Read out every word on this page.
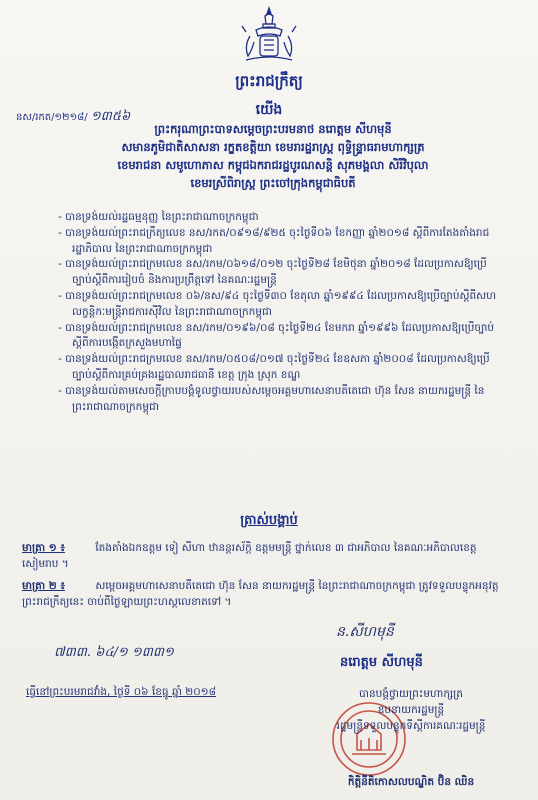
ព្រះរាជក្រឹត្យ
យើង
នស/រកត/១២១៨/ ១៣៥៦
ព្រះករុណាព្រះបាទសម្តេចព្រះបរមនាថ នរោត្តម សីហមុនី
សមានភូមិជាតិសាសនា រក្ខតខត្តិយា ខេមរារដ្ឋរាស្ត្រ ពុទ្ធិន្ទ្រាធរាមហាក្សត្រ
ខេមរាជនា សមូហោភាស កម្ពុជឯករាជរដ្ឋបូរណសន្តិ សុភមង្គលា សិរីវិបុលា
ខេមរស្រីពិរាស្ត្រ ព្រះចៅក្រុងកម្ពុជាធិបតី
- បានទ្រង់យល់រដ្ឋធម្មនុញ្ញ នៃព្រះរាជាណាចក្រកម្ពុជា
- បានទ្រង់យល់ព្រះរាជក្រឹត្យលេខ នស/រកត/០៩១៨/៩២៥ ចុះថ្ងៃទី០៦ ខែកញ្ញា ឆ្នាំ២០១៨ ស្តីពីការតែងតាំងរាជរដ្ឋាភិបាល នៃព្រះរាជាណាចក្រកម្ពុជា
- បានទ្រង់យល់ព្រះរាជក្រមលេខ នស/រកម/០៦១៨/០១២ ចុះថ្ងៃទី២៨ ខែមិថុនា ឆ្នាំ២០១៨ ដែលប្រកាសឱ្យប្រើច្បាប់ស្តីពីការរៀបចំ និងការប្រព្រឹត្តទៅ នៃគណៈរដ្ឋមន្ត្រី
- បានទ្រង់យល់ព្រះរាជក្រមលេខ ០៦/នស/៩៤ ចុះថ្ងៃទី៣០ ខែតុលា ឆ្នាំ១៩៩៤ ដែលប្រកាសឱ្យប្រើច្បាប់ស្តីពីសហលក្ខន្តិកៈមន្ត្រីរាជការស៊ីវិល នៃព្រះរាជាណាចក្រកម្ពុជា
- បានទ្រង់យល់ព្រះរាជក្រមលេខ នស/រកម/០១៩៦/០៨ ចុះថ្ងៃទី២៤ ខែមករា ឆ្នាំ១៩៩៦ ដែលប្រកាសឱ្យប្រើច្បាប់ស្តីពីការបង្កើតក្រសួងមហាផ្ទៃ
- បានទ្រង់យល់ព្រះរាជក្រមលេខ នស/រកម/០៥០៨/០១៧ ចុះថ្ងៃទី២៤ ខែឧសភា ឆ្នាំ២០០៨ ដែលប្រកាសឱ្យប្រើច្បាប់ស្តីពីការគ្រប់គ្រងរដ្ឋបាលរាជធានី ខេត្ត ក្រុង ស្រុក ខណ្ឌ
- បានទ្រង់យល់តាមសេចក្តីក្រាបបង្គំទូលថ្វាយរបស់សម្តេចអគ្គមហាសេនាបតីតេជោ ហ៊ុន សែន នាយករដ្ឋមន្ត្រី នៃព្រះរាជាណាចក្រកម្ពុជា
ត្រាស់បង្គាប់
មាត្រា ១ ៖	តែងតាំងឯកឧត្តម ទៀ សីហា ឋានន្តរស័ក្តិ ឧត្តមមន្ត្រី ថ្នាក់លេខ ៣ ជាអភិបាល នៃគណៈអភិបាលខេត្តសៀមរាប ។
មាត្រា ២ ៖	សម្តេចអគ្គមហាសេនាបតីតេជោ ហ៊ុន សែន នាយករដ្ឋមន្ត្រី នៃព្រះរាជាណាចក្រកម្ពុជា ត្រូវទទួលបន្ទុកអនុវត្តព្រះរាជក្រឹត្យនេះ ចាប់ពីថ្ងៃឡាយព្រះហស្តលេខាតទៅ ។
៧៣៣. ៦៤/១ ១៣៣១
ន.សីហមុនី
នរោត្តម សីហមុនី
ធ្វើនៅព្រះបរមរាជវាំង, ថ្ងៃទី ០៦ ខែធ្នូ ឆ្នាំ ២០១៨	បានបង្គំថ្វាយព្រះមហាក្សត្រ
ឧបនាយករដ្ឋមន្ត្រី
រដ្ឋមន្ត្រីទទួលបន្ទុកទីស្តីការគណៈរដ្ឋមន្ត្រី
កិត្តិនីតិកោសលបណ្ឌិត ប៊ិន ឈិន
